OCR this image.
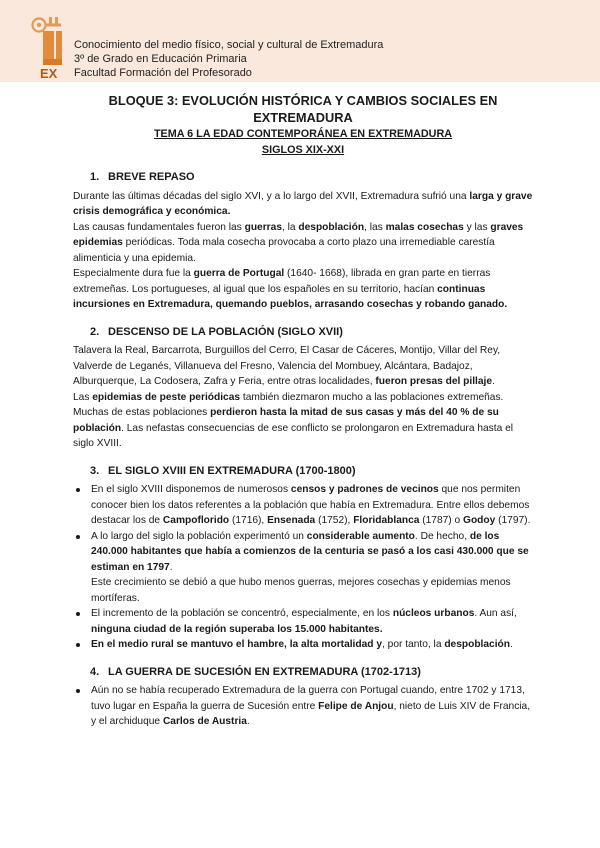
EX
Conocimiento del medio físico, social y cultural de Extremadura
3º de Grado en Educación Primaria
Facultad Formación del Profesorado
BLOQUE 3: EVOLUCIÓN HISTÓRICA Y CAMBIOS SOCIALES EN
EXTREMADURA
TEMA 6 LA EDAD CONTEMPORÁNEA EN EXTREMADURA
SIGLOS XIX-XXI
1. BREVE REPASO

Durante las últimas décadas del siglo XVI, y a lo largo del XVII, Extremadura sufrió una larga y grave crisis demográfica y económica.

Las causas fundamentales fueron las guerras, la despoblación, las malas cosechas y las graves epidemias periódicas. Toda mala cosecha provocaba a corto plazo una irremediable carestía alimenticia y una epidemia.

Especialmente dura fue la guerra de Portugal (1640- 1668), librada en gran parte en tierras extremeñas. Los portugueses, al igual que los españoles en su territorio, hacían continuas incursiones en Extremadura, quemando pueblos, arrasando cosechas y robando ganado.

2. DESCENSO DE LA POBLACIÓN (SIGLO XVII)

Talavera la Real, Barcarrota, Burguillos del Cerro, El Casar de Cáceres, Montijo, Villar del Rey, Valverde de Leganés, Villanueva del Fresno, Valencia del Mombuey, Alcántara, Badajoz, Alburquerque, La Codosera, Zafra y Feria, entre otras localidades, fueron presas del pillaje.

Las epidemias de peste periódicas también diezmaron mucho a las poblaciones extremeñas.

Muchas de estas poblaciones perdieron hasta la mitad de sus casas y más del 40 % de su población. Las nefastas consecuencias de ese conflicto se prolongaron en Extremadura hasta el siglo XVIII.

3. EL SIGLO XVIII EN EXTREMADURA (1700-1800)
En el siglo XVIII disponemos de numerosos censos y padrones de vecinos que nos permiten conocer bien los datos referentes a la población que había en Extremadura. Entre ellos debemos destacar los de Campoflorido (1716), Ensenada (1752), Floridablanca (1787) o Godoy (1797).
A lo largo del siglo la población experimentó un considerable aumento. De hecho, de los 240.000 habitantes que había a comienzos de la centuria se pasó a los casi 430.000 que se estiman en 1797.
Este crecimiento se debió a que hubo menos guerras, mejores cosechas y epidemias menos mortíferas.
El incremento de la población se concentró, especialmente, en los núcleos urbanos. Aun así, ninguna ciudad de la región superaba los 15.000 habitantes.
En el medio rural se mantuvo el hambre, la alta mortalidad y, por tanto, la despoblación.
4. LA GUERRA DE SUCESIÓN EN EXTREMADURA (1702-1713)
Aún no se había recuperado Extremadura de la guerra con Portugal cuando, entre 1702 y 1713, tuvo lugar en España la guerra de Sucesión entre Felipe de Anjou, nieto de Luis XIV de Francia, y el archiduque Carlos de Austria.
